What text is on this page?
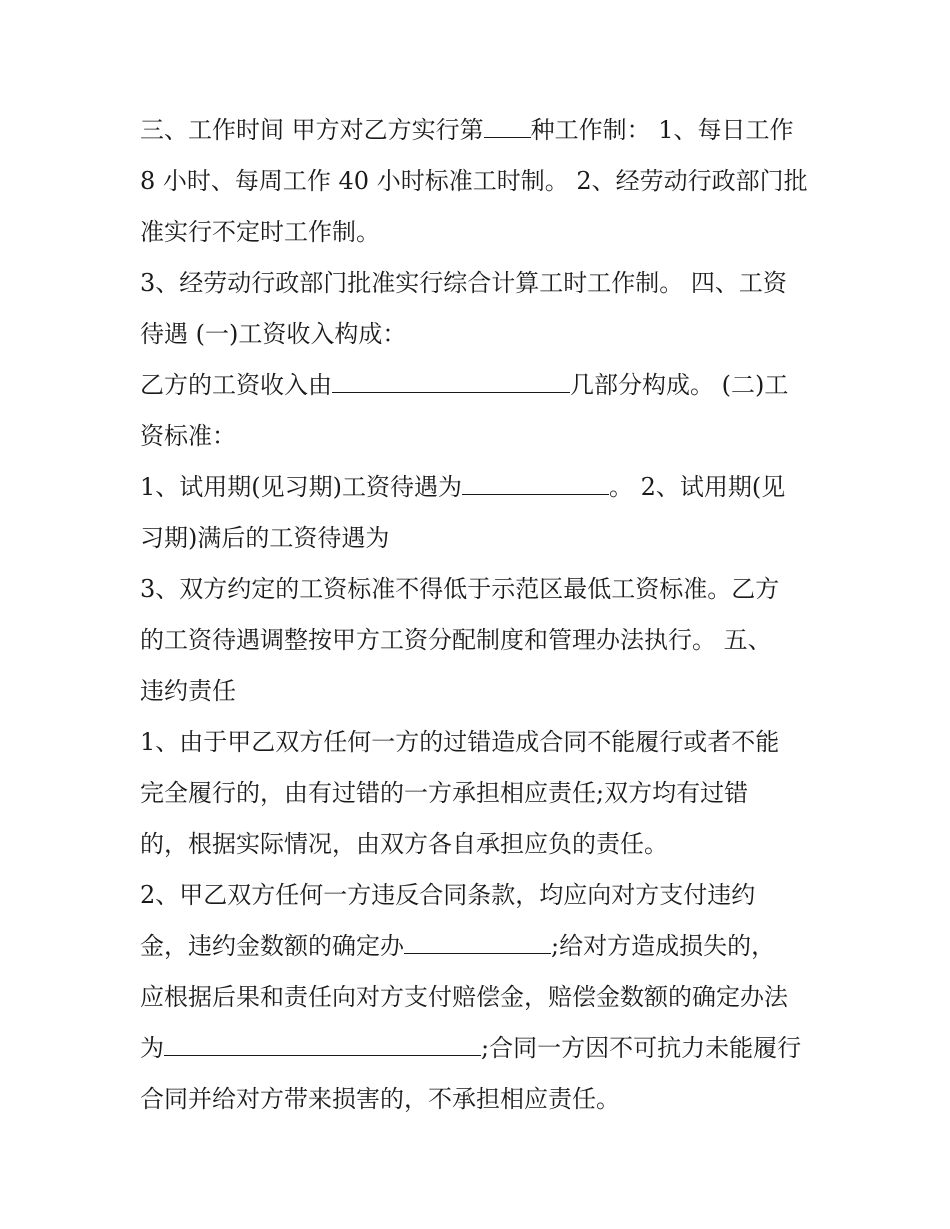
三、工作时间 甲方对乙方实行第 种工作制： 1、每日工作
8 小时、每周工作 40 小时标准工时制。 2、经劳动行政部门批
准实行不定时工作制。
3、经劳动行政部门批准实行综合计算工时工作制。 四、工资
待遇 (一)工资收入构成：
乙方的工资收入由	几部分构成。 (二)工
资标准：
1、试用期(见习期)工资待遇为	。 2、试用期(见
习期)满后的工资待遇为
3、双方约定的工资标准不得低于示范区最低工资标准。乙方
的工资待遇调整按甲方工资分配制度和管理办法执行。 五、
违约责任
1、由于甲乙双方任何一方的过错造成合同不能履行或者不能
完全履行的，由有过错的一方承担相应责任;双方均有过错
的，根据实际情况，由双方各自承担应负的责任。
2、甲乙双方任何一方违反合同条款，均应向对方支付违约
金，违约金数额的确定办	;给对方造成损失的，
应根据后果和责任向对方支付赔偿金，赔偿金数额的确定办法
为	;合同一方因不可抗力未能履行
合同并给对方带来损害的，不承担相应责任。
